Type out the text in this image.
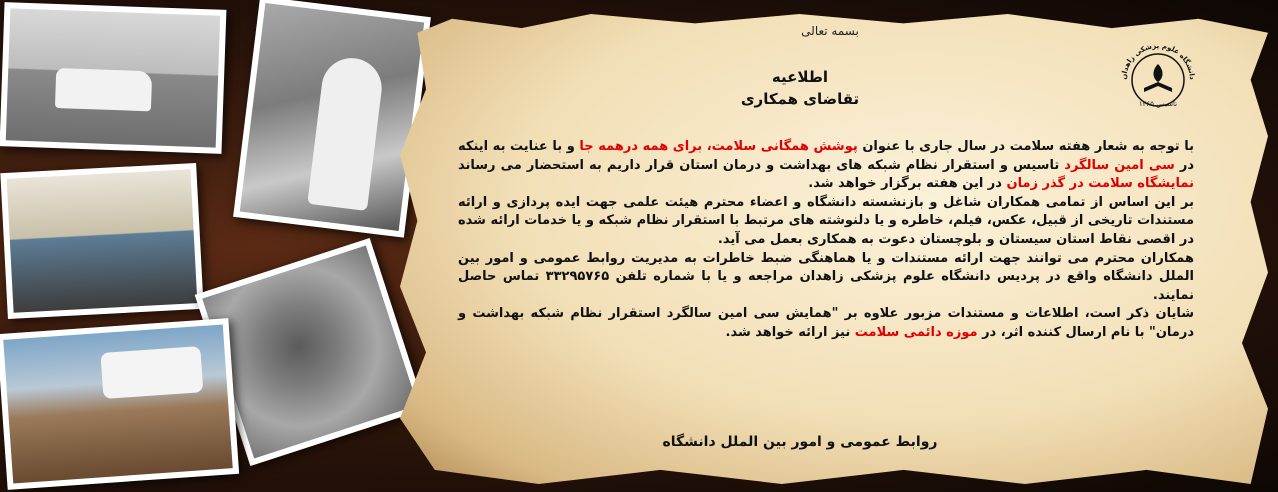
دانشگاه علوم پزشکی زاهدان
تاسیس ۱۳۶۵
بسمه تعالی
اطلاعیه
تقاضای همکاری

با توجه به شعار هفته سلامت در سال جاری با عنوان پوشش همگانی سلامت، برای همه درهمه جا و با عنایت به اینکه در سی امین سالگرد تاسیس و استقرار نظام شبکه های بهداشت و درمان استان قرار داریم به استحضار می رساند نمایشگاه سلامت در گذر زمان در این هفته برگزار خواهد شد.

بر این اساس از تمامی همکاران شاغل و بازنشسته دانشگاه و اعضاء محترم هیئت علمی جهت ایده پردازی و ارائه مستندات تاریخی از قبیل، عکس، فیلم، خاطره و یا دلنوشته های مرتبط با استقرار نظام شبکه و یا خدمات ارائه شده در اقصی نقاط استان سیستان و بلوچستان دعوت به همکاری بعمل می آید.

همکاران محترم می توانند جهت ارائه مستندات و یا هماهنگی ضبط خاطرات به مدیریت روابط عمومی و امور بین الملل دانشگاه واقع در پردیس دانشگاه علوم پزشکی زاهدان مراجعه و یا با شماره تلفن ۳۳۲۹۵۷۶۵ تماس حاصل نمایند.

شایان ذکر است، اطلاعات و مستندات مزبور علاوه بر "همایش سی امین سالگرد استقرار نظام شبکه بهداشت و درمان" با نام ارسال کننده اثر، در موزه دائمی سلامت نیز ارائه خواهد شد.

روابط عمومی و امور بین الملل دانشگاه
